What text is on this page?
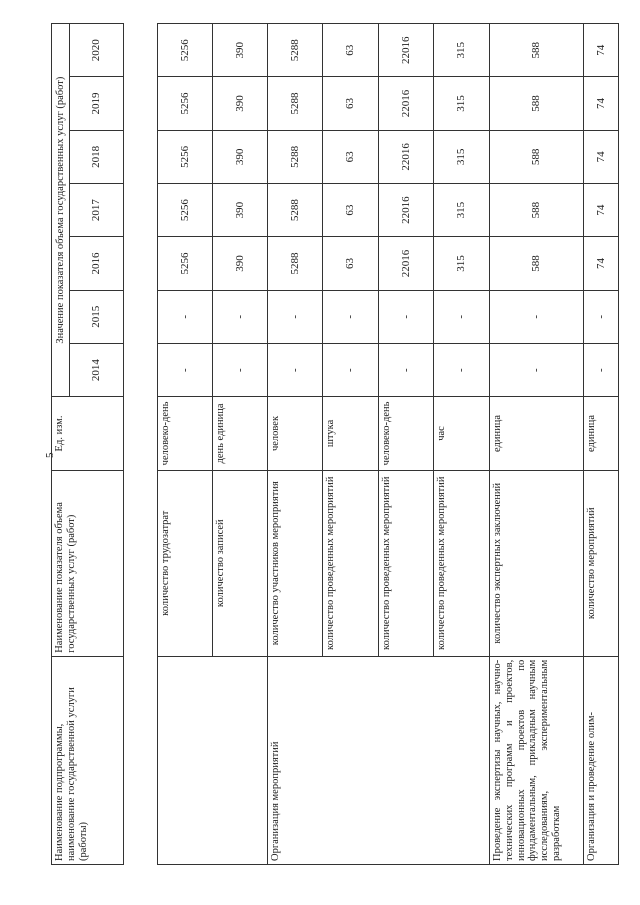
5
Наименование подпрограммы, наименование государственной услуги (работы)	Наименование показателя объема государственных услуг (работ)	Ед. изм.	Значение показателя объема государственных услуг (работ)						
			2014	2015	2016	2017	2018	2019	2020
	количество трудозатрат	человеко-день	-	-	5256	5256	5256	5256	5256
	количество записей	день единица	-	-	390	390	390	390	390
Организация мероприятий	количество участников мероприятия	человек	-	-	5288	5288	5288	5288	5288
	количество проведенных мероприятий	штука	-	-	63	63	63	63	63
	количество проведенных мероприятий	человеко-день	-	-	22016	22016	22016	22016	22016
	количество проведенных мероприятий	час	-	-	315	315	315	315	315
Проведение экспертизы научных, научно-технических программ и проектов, инновационных проектов по фундаментальным, прикладным научным исследованиям, экспериментальным разработкам	количество экспертных заключений	единица	-	-	588	588	588	588	588
Организация и проведение олим-	количество мероприятий	единица	-	-	74	74	74	74	74
